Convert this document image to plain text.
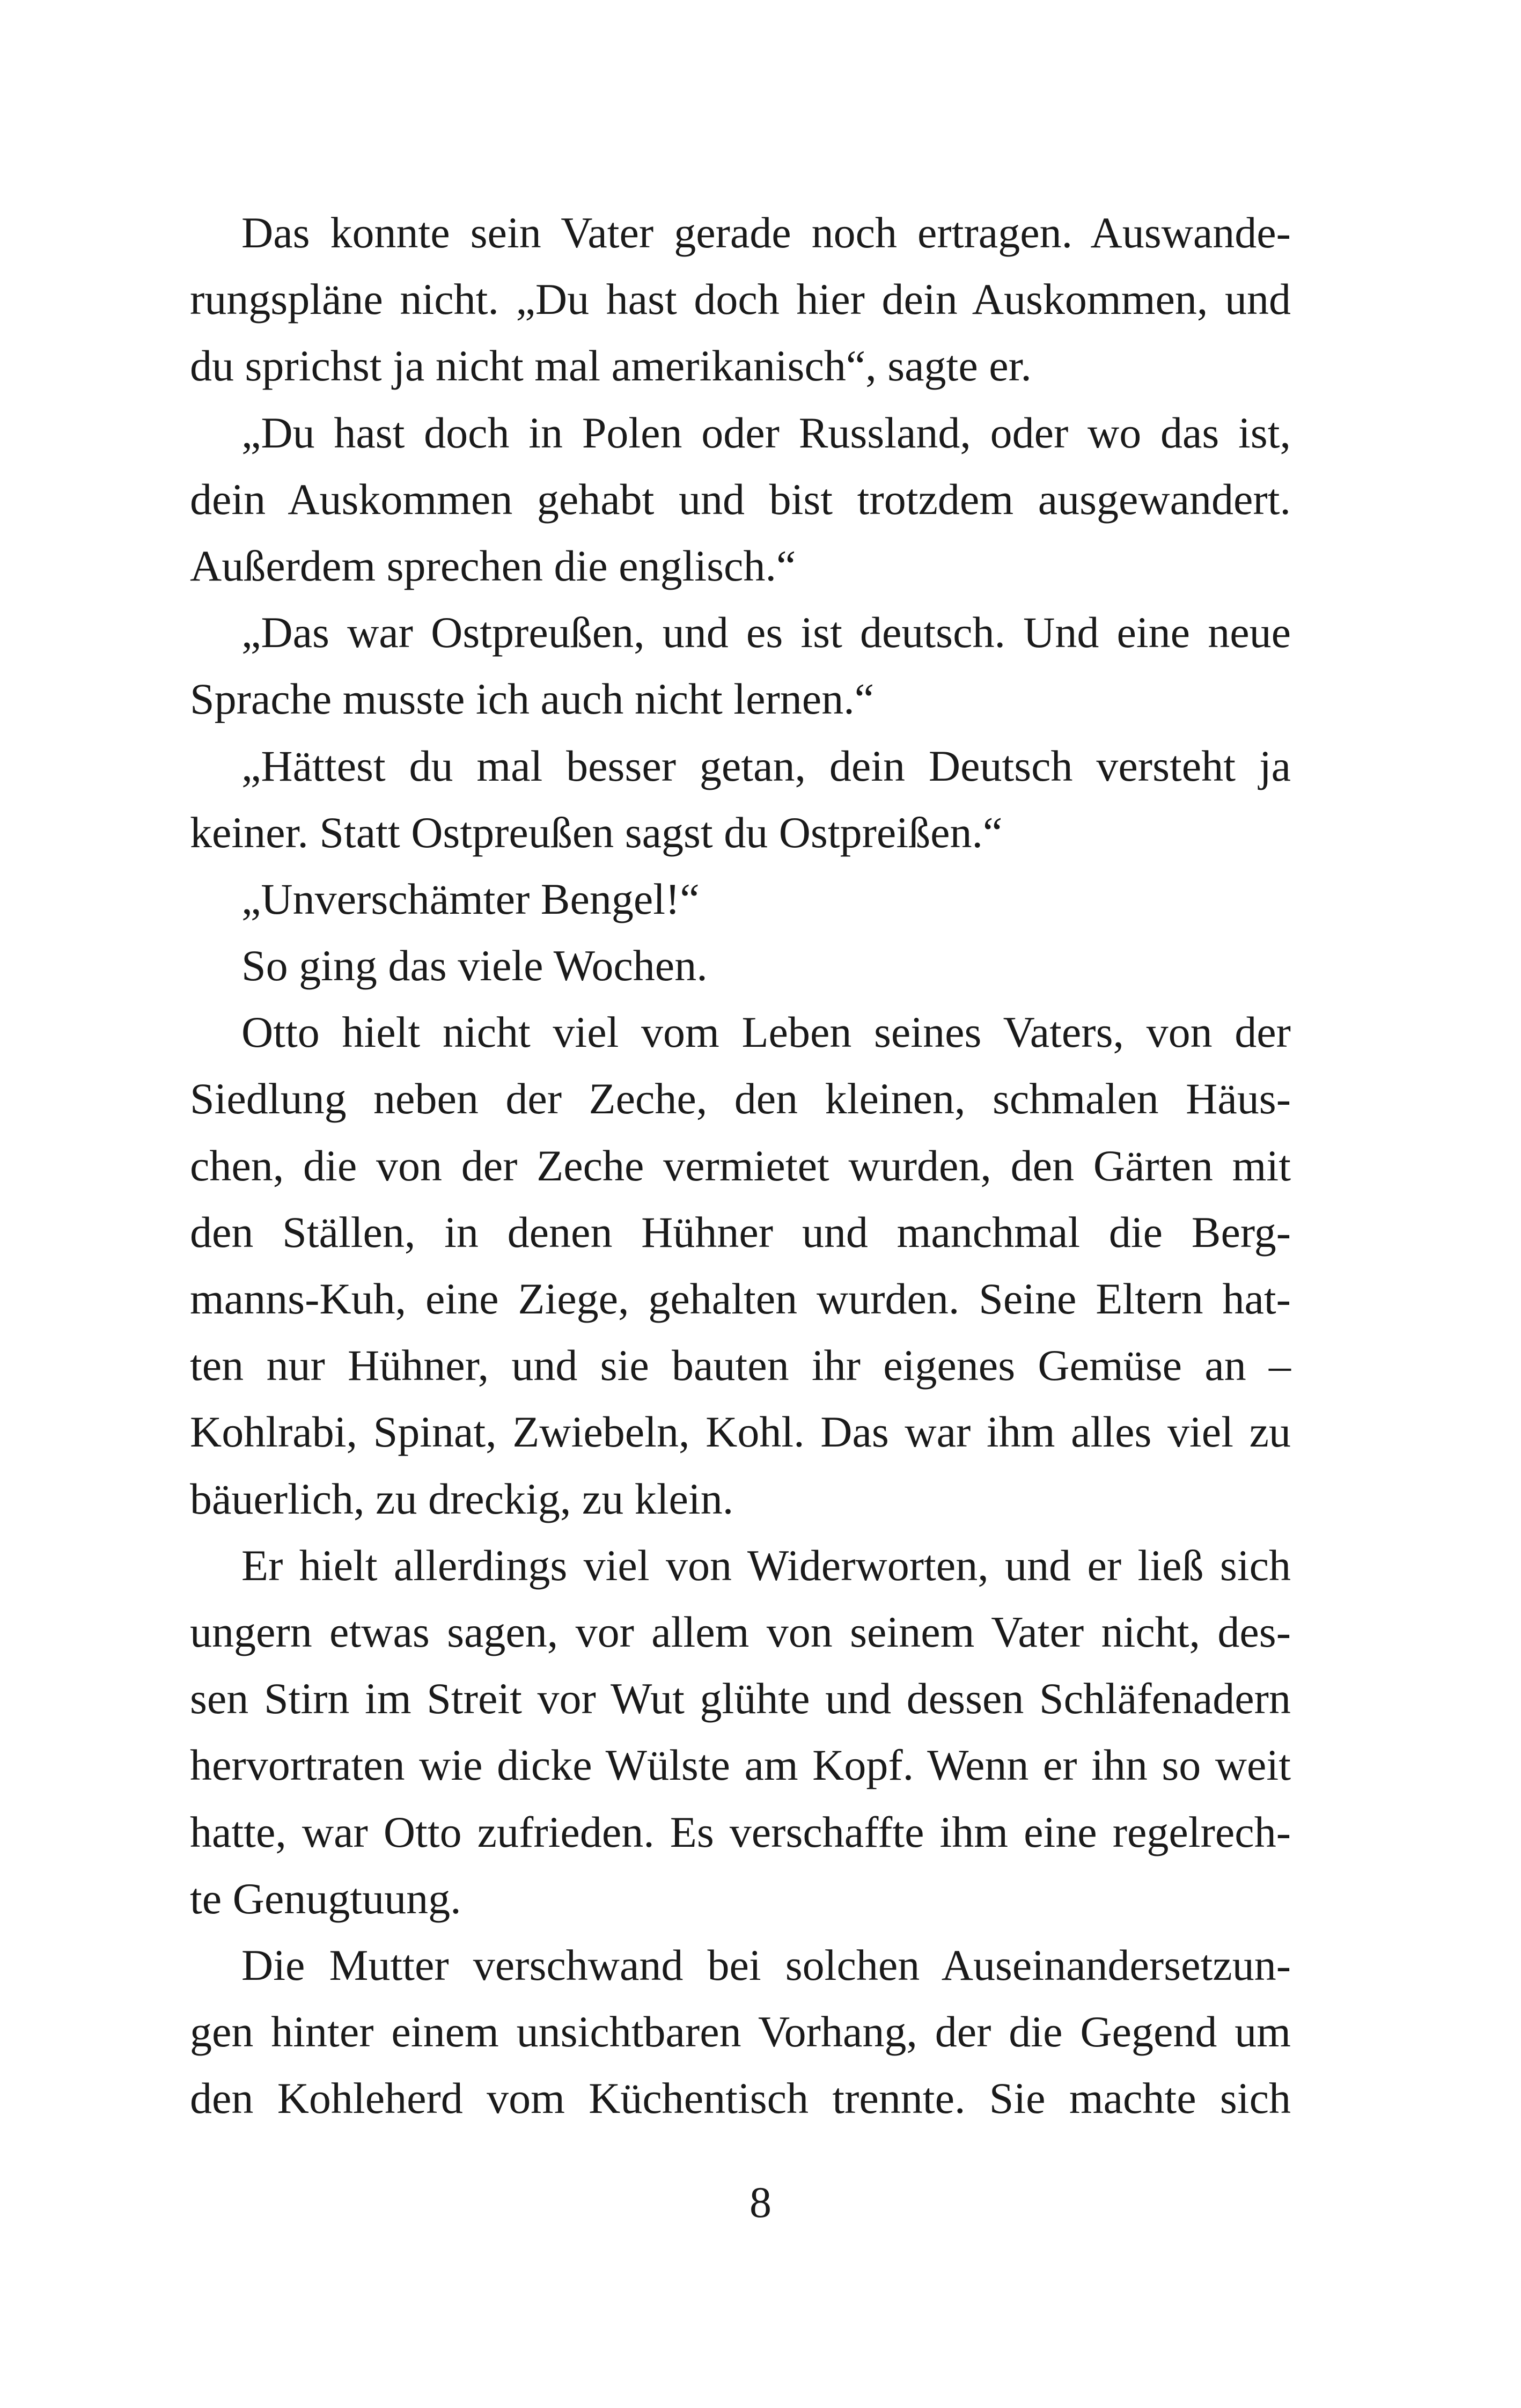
Das konnte sein Vater gerade noch ertragen. Auswande-
rungspläne nicht. „Du hast doch hier dein Auskommen, und
du sprichst ja nicht mal amerikanisch“, sagte er.
„Du hast doch in Polen oder Russland, oder wo das ist,
dein Auskommen gehabt und bist trotzdem ausgewandert.
Außerdem sprechen die englisch.“
„Das war Ostpreußen, und es ist deutsch. Und eine neue
Sprache musste ich auch nicht lernen.“
„Hättest du mal besser getan, dein Deutsch versteht ja
keiner. Statt Ostpreußen sagst du Ostpreißen.“
„Unverschämter Bengel!“
So ging das viele Wochen.
Otto hielt nicht viel vom Leben seines Vaters, von der
Siedlung neben der Zeche, den kleinen, schmalen Häus-
chen, die von der Zeche vermietet wurden, den Gärten mit
den Ställen, in denen Hühner und manchmal die Berg-
manns-Kuh, eine Ziege, gehalten wurden. Seine Eltern hat-
ten nur Hühner, und sie bauten ihr eigenes Gemüse an –
Kohlrabi, Spinat, Zwiebeln, Kohl. Das war ihm alles viel zu
bäuerlich, zu dreckig, zu klein.
Er hielt allerdings viel von Widerworten, und er ließ sich
ungern etwas sagen, vor allem von seinem Vater nicht, des-
sen Stirn im Streit vor Wut glühte und dessen Schläfenadern
hervortraten wie dicke Wülste am Kopf. Wenn er ihn so weit
hatte, war Otto zufrieden. Es verschaffte ihm eine regelrech-
te Genugtuung.
Die Mutter verschwand bei solchen Auseinandersetzun-
gen hinter einem unsichtbaren Vorhang, der die Gegend um
den Kohleherd vom Küchentisch trennte. Sie machte sich
8
